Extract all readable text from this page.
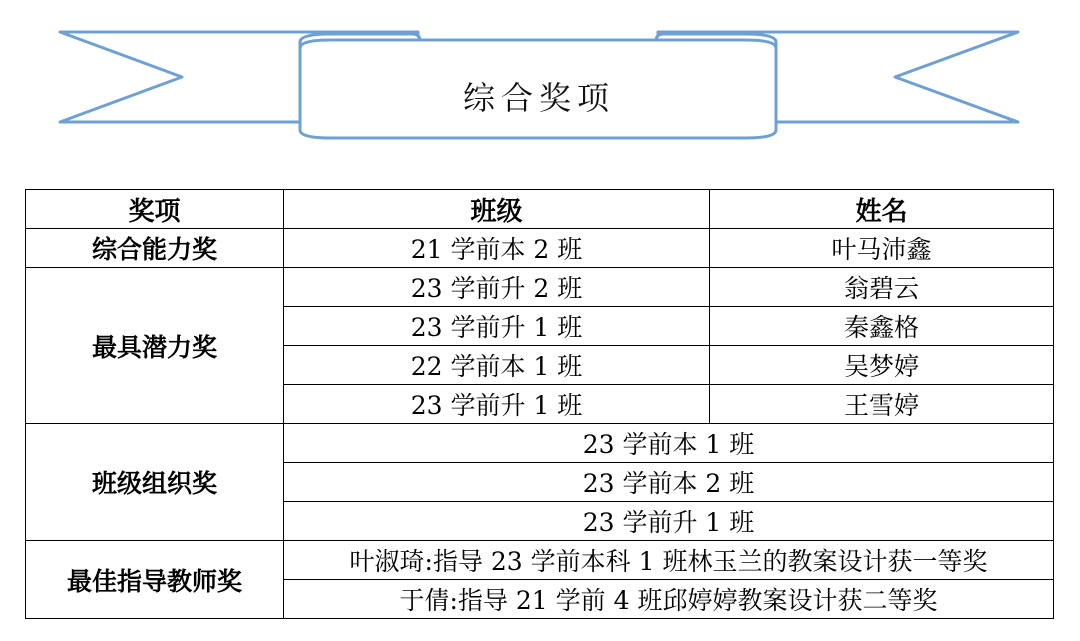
综合奖项
奖项	班级	姓名
综合能力奖	21 学前本 2 班	叶马沛鑫
最具潜力奖	23 学前升 2 班	翁碧云
	23 学前升 1 班	秦鑫格
	22 学前本 1 班	吴梦婷
	23 学前升 1 班	王雪婷
班级组织奖	23 学前本 1 班	
	23 学前本 2 班	
	23 学前升 1 班	
最佳指导教师奖	叶淑琦:指导 23 学前本科 1 班林玉兰的教案设计获一等奖	
	于倩:指导 21 学前 4 班邱婷婷教案设计获二等奖	
